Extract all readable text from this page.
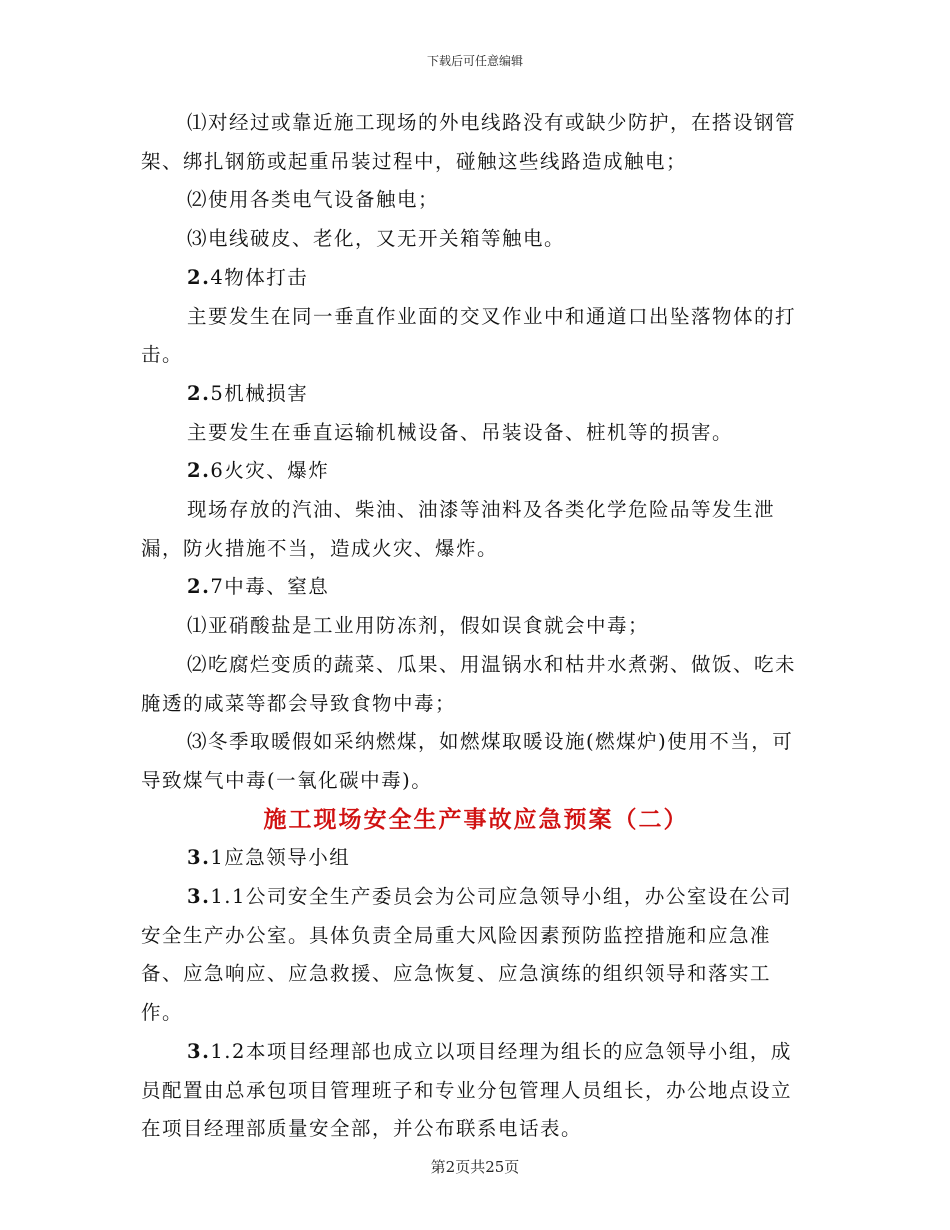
下载后可任意编辑

⑴对经过或靠近施工现场的外电线路没有或缺少防护，在搭设钢管架、绑扎钢筋或起重吊装过程中，碰触这些线路造成触电；

⑵使用各类电气设备触电；

⑶电线破皮、老化，又无开关箱等触电。

2.4物体打击

主要发生在同一垂直作业面的交叉作业中和通道口出坠落物体的打击。

2.5机械损害

主要发生在垂直运输机械设备、吊装设备、桩机等的损害。

2.6火灾、爆炸

现场存放的汽油、柴油、油漆等油料及各类化学危险品等发生泄漏，防火措施不当，造成火灾、爆炸。

2.7中毒、窒息

⑴亚硝酸盐是工业用防冻剂，假如误食就会中毒；

⑵吃腐烂变质的蔬菜、瓜果、用温锅水和枯井水煮粥、做饭、吃未腌透的咸菜等都会导致食物中毒；

⑶冬季取暖假如采纳燃煤，如燃煤取暖设施(燃煤炉)使用不当，可导致煤气中毒(一氧化碳中毒)。

施工现场安全生产事故应急预案（二）

3.1应急领导小组

3.1.1公司安全生产委员会为公司应急领导小组，办公室设在公司安全生产办公室。具体负责全局重大风险因素预防监控措施和应急准备、应急响应、应急救援、应急恢复、应急演练的组织领导和落实工作。

3.1.2本项目经理部也成立以项目经理为组长的应急领导小组，成员配置由总承包项目管理班子和专业分包管理人员组长，办公地点设立在项目经理部质量安全部，并公布联系电话表。

第2页共25页
